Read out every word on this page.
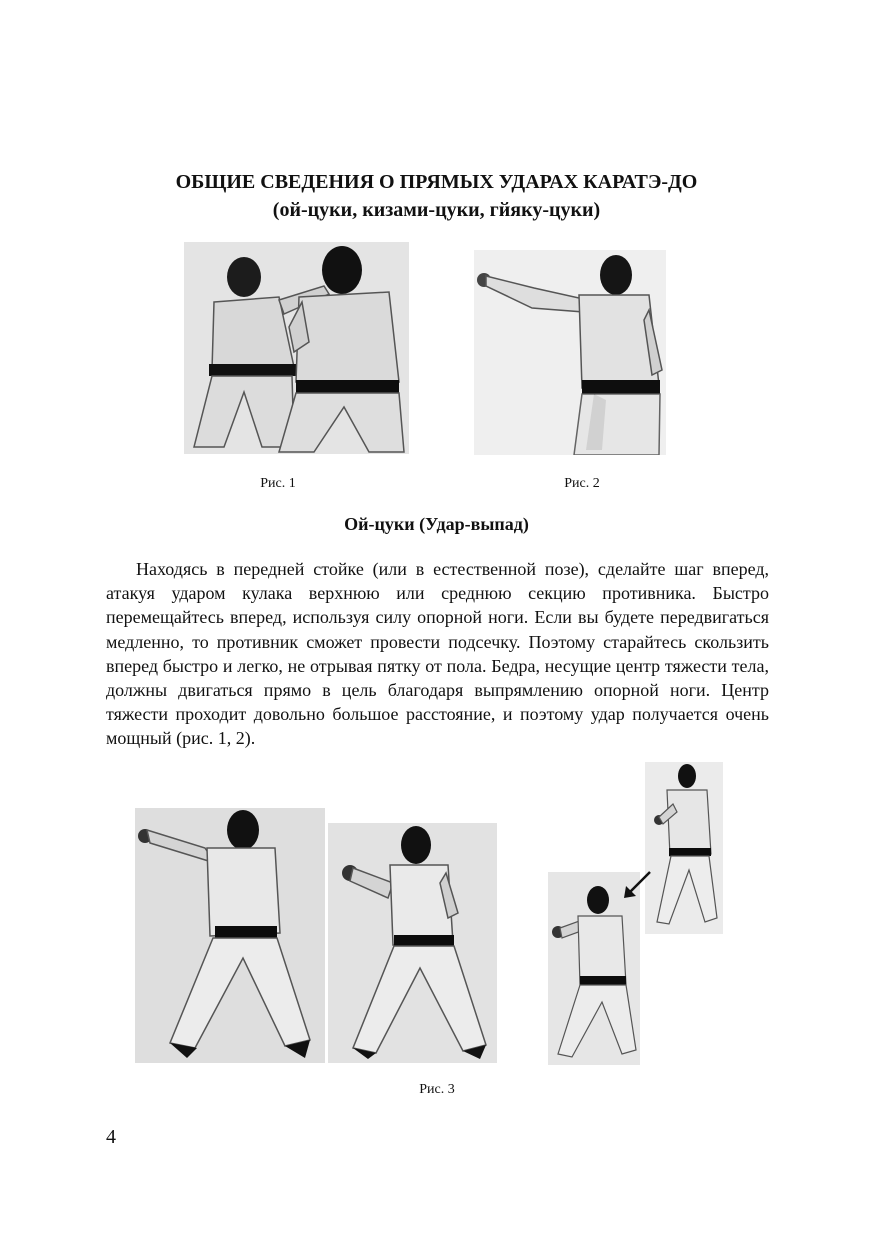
ОБЩИЕ СВЕДЕНИЯ О ПРЯМЫХ УДАРАХ КАРАТЭ-ДО
(ой-цуки, кизами-цуки, гйяку-цуки)
Рис. 1	Рис. 2
Ой-цуки (Удар-выпад)

Находясь в передней стойке (или в естественной позе), сделайте шаг вперед, атакуя ударом кулака верхнюю или среднюю секцию противника. Быстро перемещайтесь вперед, используя силу опорной ноги. Если вы будете передвигаться медленно, то противник сможет провести подсечку. Поэтому старайтесь скользить вперед быстро и легко, не отрывая пятку от пола. Бедра, несущие центр тяжести тела, должны двигаться прямо в цель благодаря выпрямлению опорной ноги. Центр тяжести проходит довольно большое расстояние, и поэтому удар получается очень мощный (рис. 1, 2).

Рис. 3
4
